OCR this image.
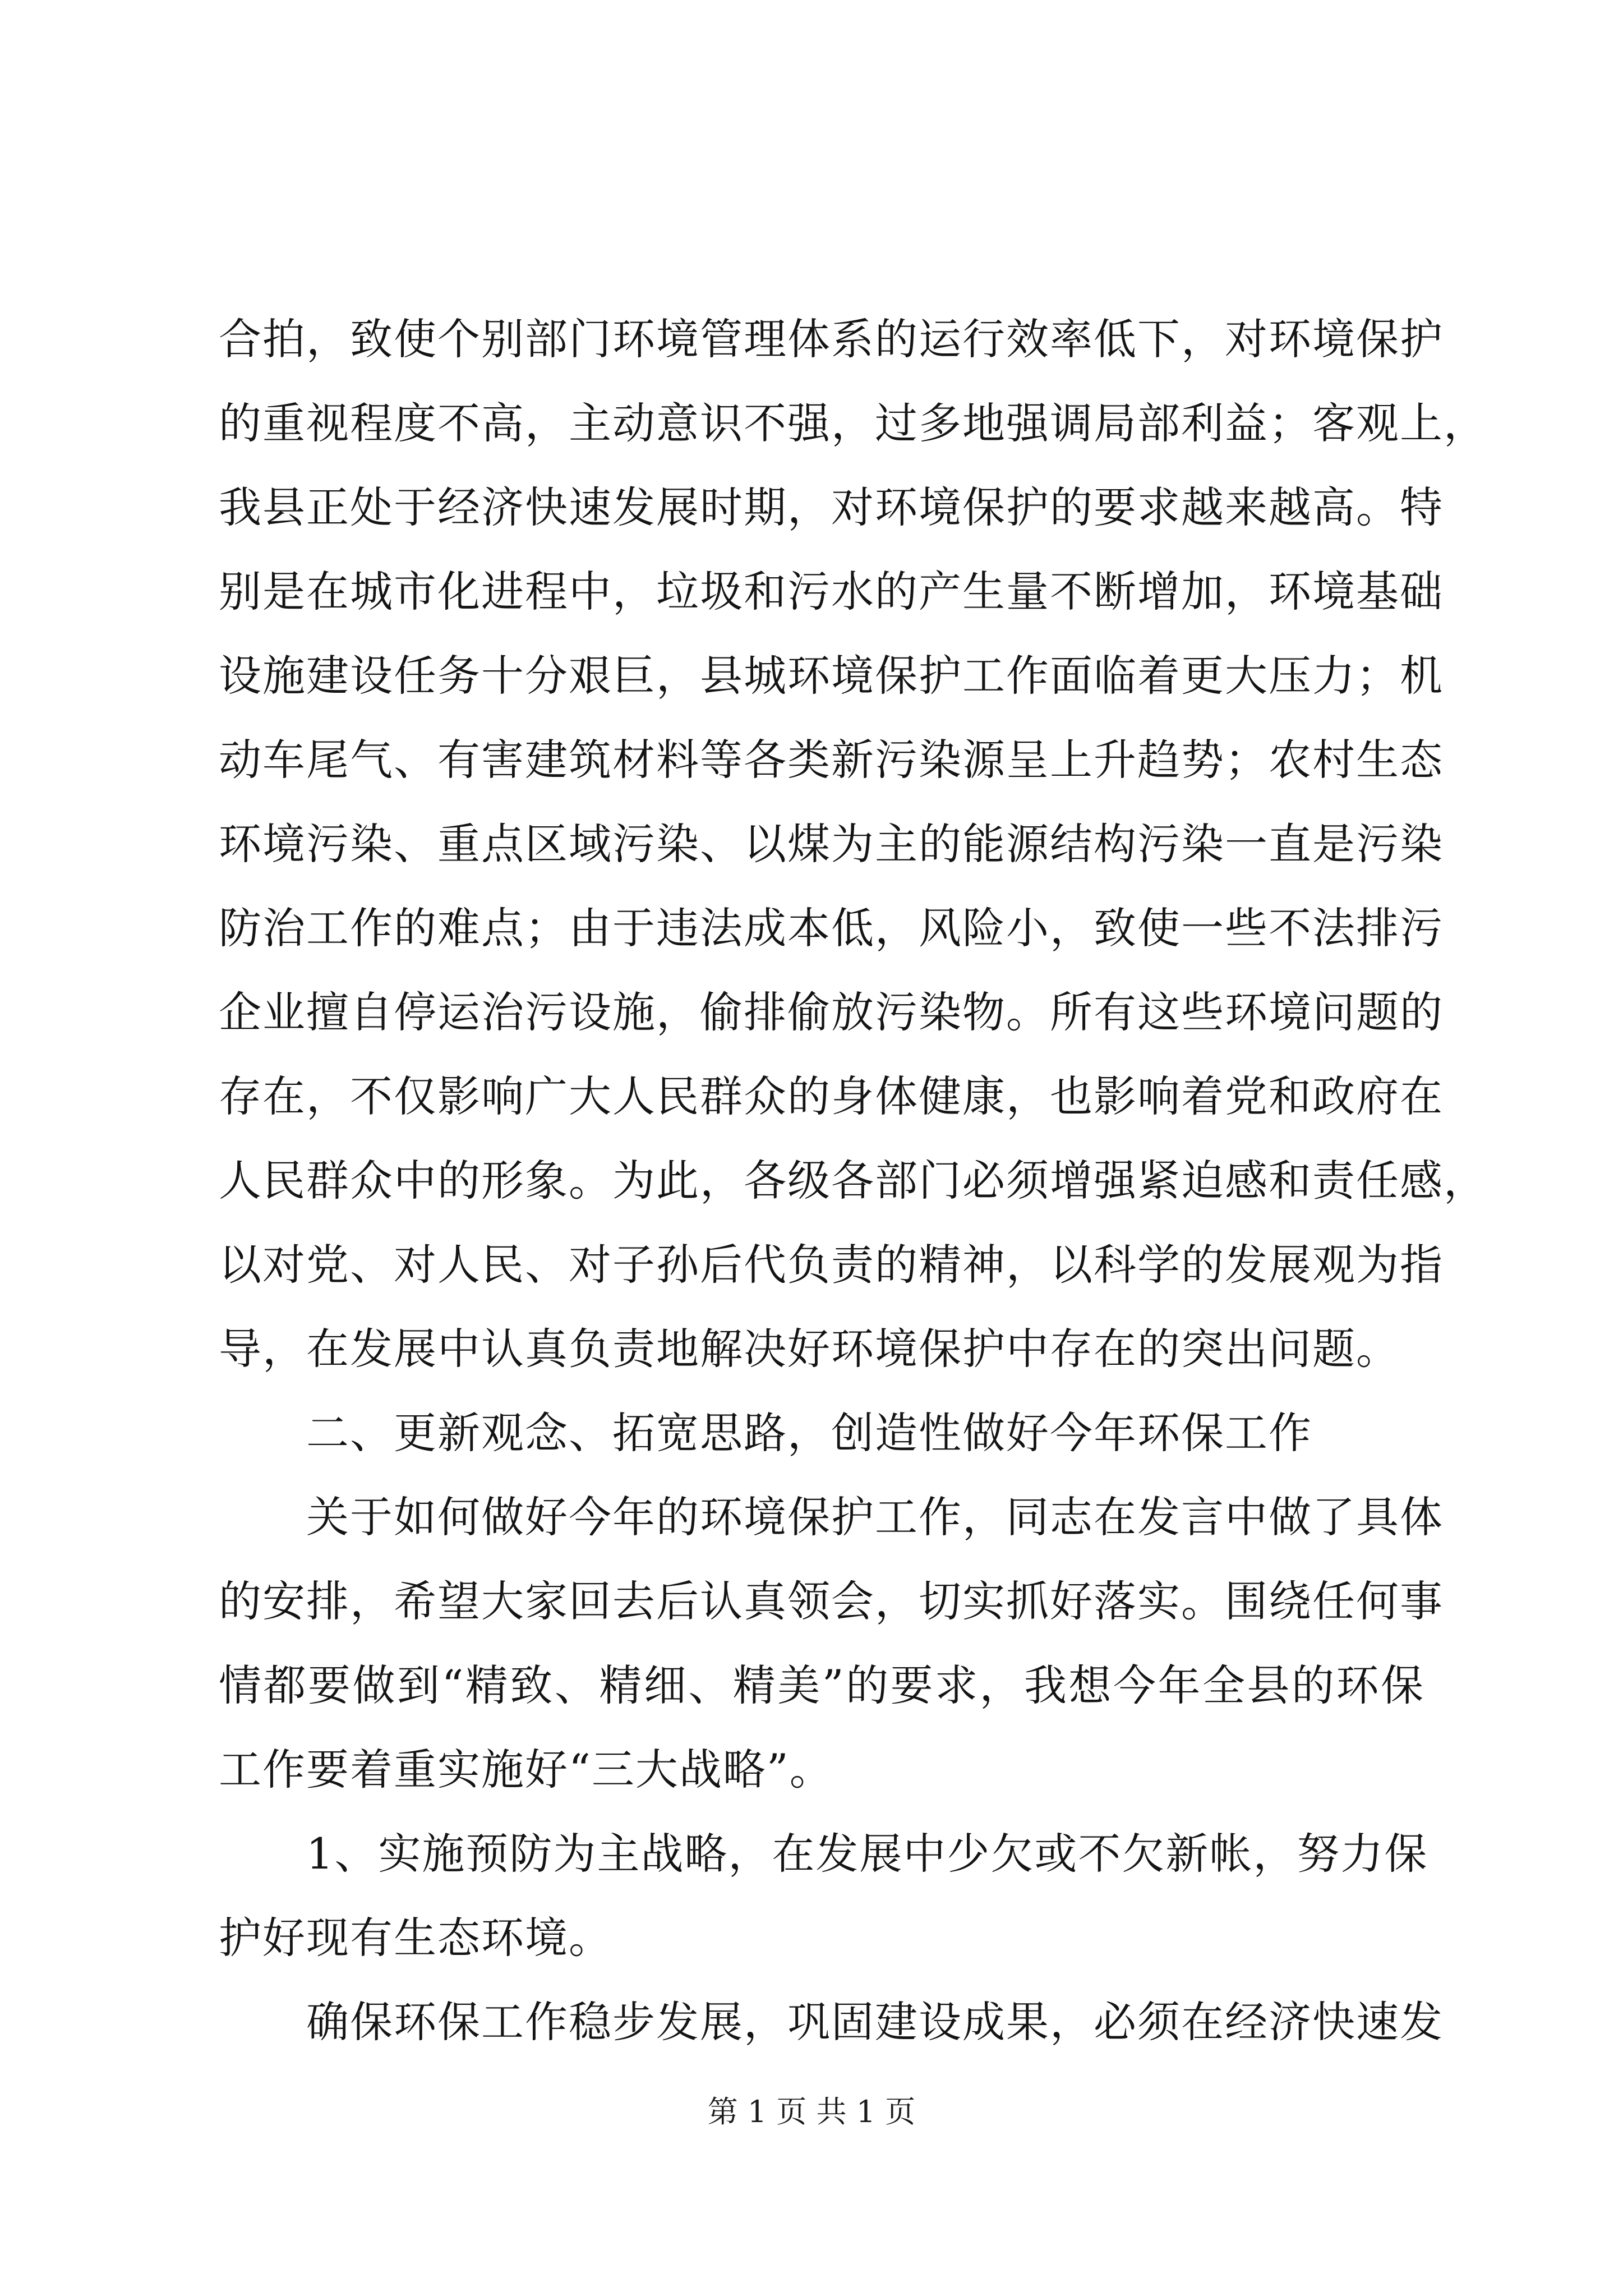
合拍，致使个别部门环境管理体系的运行效率低下，对环境保护
的重视程度不高，主动意识不强，过多地强调局部利益；客观上，
我县正处于经济快速发展时期，对环境保护的要求越来越高。特
别是在城市化进程中，垃圾和污水的产生量不断增加，环境基础
设施建设任务十分艰巨，县城环境保护工作面临着更大压力；机
动车尾气、有害建筑材料等各类新污染源呈上升趋势；农村生态
环境污染、重点区域污染、以煤为主的能源结构污染一直是污染
防治工作的难点；由于违法成本低，风险小，致使一些不法排污
企业擅自停运治污设施，偷排偷放污染物。所有这些环境问题的
存在，不仅影响广大人民群众的身体健康，也影响着党和政府在
人民群众中的形象。为此，各级各部门必须增强紧迫感和责任感，
以对党、对人民、对子孙后代负责的精神，以科学的发展观为指
导，在发展中认真负责地解决好环境保护中存在的突出问题。
二、更新观念、拓宽思路，创造性做好今年环保工作
关于如何做好今年的环境保护工作，同志在发言中做了具体
的安排，希望大家回去后认真领会，切实抓好落实。围绕任何事
情都要做到“精致、精细、精美”的要求，我想今年全县的环保
工作要着重实施好“三大战略”。
1、实施预防为主战略，在发展中少欠或不欠新帐，努力保
护好现有生态环境。
确保环保工作稳步发展，巩固建设成果，必须在经济快速发
第 1 页 共 1 页
